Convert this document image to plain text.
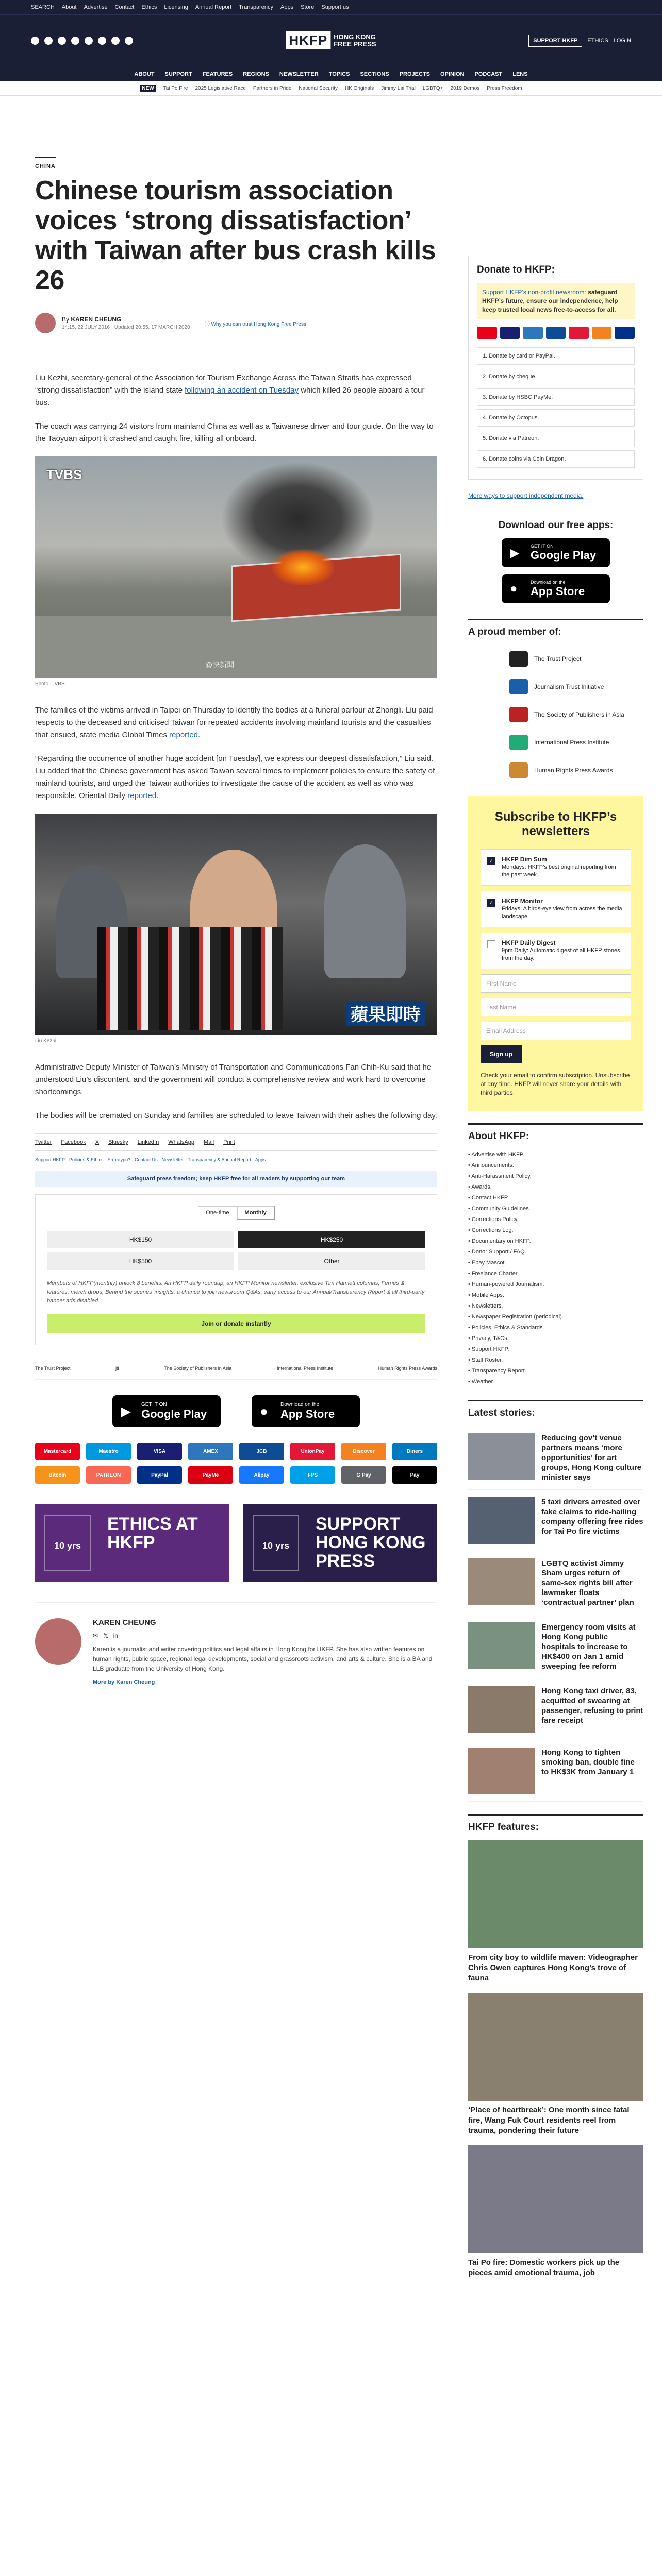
SEARCH About Advertise Contact Ethics Licensing Annual Report Transparency Apps Store Support us
HKFP HONG KONG
FREE PRESS	SUPPORT HKFP	ETHICS LOGIN
ABOUT SUPPORT FEATURES REGIONS NEWSLETTER TOPICS SECTIONS PROJECTS OPINION PODCAST LENS
NEW	Tai Po Fire 2025 Legislative Race Partners in Pride National Security HK Originals Jimmy Lai Trial LGBTQ+ 2019 Demos Press Freedom
CHINA
Chinese tourism association voices ‘strong dissatisfaction’ with Taiwan after bus crash kills 26
By KAREN CHEUNG
14:15, 22 JULY 2016 · Updated 20:55, 17 MARCH 2020
ⓘ Why you can trust Hong Kong Free Press

Liu Kezhi, secretary-general of the Association for Tourism Exchange Across the Taiwan Straits has expressed “strong dissatisfaction” with the island state following an accident on Tuesday which killed 26 people aboard a tour bus.

The coach was carrying 24 visitors from mainland China as well as a Taiwanese driver and tour guide. On the way to the Taoyuan airport it crashed and caught fire, killing all onboard.

TVBS
@快新聞
Photo: TVBS.

The families of the victims arrived in Taipei on Thursday to identify the bodies at a funeral parlour at Zhongli. Liu paid respects to the deceased and criticised Taiwan for repeated accidents involving mainland tourists and the casualties that ensued, state media Global Times reported.

“Regarding the occurrence of another huge accident [on Tuesday], we express our deepest dissatisfaction,” Liu said. Liu added that the Chinese government has asked Taiwan several times to implement policies to ensure the safety of mainland tourists, and urged the Taiwan authorities to investigate the cause of the accident as well as who was responsible. Oriental Daily reported.

蘋果即時
Liu Kezhi.

Administrative Deputy Minister of Taiwan’s Ministry of Transportation and Communications Fan Chih-Ku said that he understood Liu’s discontent, and the government will conduct a comprehensive review and work hard to overcome shortcomings.

The bodies will be cremated on Sunday and families are scheduled to leave Taiwan with their ashes the following day.

Twitter Facebook X Bluesky LinkedIn WhatsApp Mail Print
Support HKFP Policies & Ethics Error/typo? Contact Us Newsletter Transparency & Annual Report Apps
Safeguard press freedom; keep HKFP free for all readers by supporting our team
One-time	Monthly
HK$150	HK$250
HK$500	Other

Members of HKFP(monthly) unlock 8 benefits: An HKFP daily roundup, an HKFP Monitor newsletter, exclusive Tim Hamlett columns, Ferries & features, merch drops, Behind the scenes’ insights, a chance to join newsroom Q&As, early access to our Annual/Transparency Report & all third-party banner ads disabled.

Join or donate instantly
The Trust Project	jti	The Society of Publishers in Asia	International Press Institute	Human Rights Press Awards
▶ GET IT ON
Google Play	● Download on the
App Store
Mastercard	Maestro	VISA	AMEX	JCB	UnionPay	Discover	Diners
Bitcoin	PATREON	PayPal	PayMe	Alipay	FPS	G Pay	Pay
10 yrs
ETHICS AT HKFP	10 yrs
SUPPORT HONG KONG PRESS
KAREN CHEUNG
✉ 𝕏 in

Karen is a journalist and writer covering politics and legal affairs in Hong Kong for HKFP. She has also written features on human rights, public space, regional legal developments, social and grassroots activism, and arts & culture. She is a BA and LLB graduate from the University of Hong Kong.

More by Karen Cheung
Donate to HKFP:
Support HKFP’s non-profit newsroom: safeguard HKFP’s future, ensure our independence, help keep trusted local news free-to-access for all.
1. Donate by card or PayPal.
2. Donate by cheque.
3. Donate by HSBC PayMe.
4. Donate by Octopus.
5. Donate via Patreon.
6. Donate coins via Coin Dragon.
More ways to support independent media.
Download our free apps:
▶ GET IT ON
Google Play
●	Download on the
App Store
A proud member of:
The Trust Project
Journalism Trust Initiative
The Society of Publishers in Asia
International Press Institute
Human Rights Press Awards
Subscribe to HKFP’s newsletters
✓ HKFP Dim Sum
Mondays: HKFP’s best original reporting from the past week.
✓ HKFP Monitor
Fridays: A birds-eye view from across the media landscape.
HKFP Daily Digest
9pm Daily: Automatic digest of all HKFP stories from the day.
First Name
Last Name
Email Address
Sign up

Check your email to confirm subscription. Unsubscribe at any time. HKFP will never share your details with third parties.

About HKFP:
• Advertise with HKFP.
• Announcements.
• Anti-Harassment Policy.
• Awards.
• Contact HKFP.
• Community Guidelines.
• Corrections Policy.
• Corrections Log.
• Documentary on HKFP.
• Donor Support / FAQ.
• Ebay Mascot.
• Freelance Charter.
• Human-powered Journalism.
• Mobile Apps.
• Newsletters.
• Newspaper Registration (periodical).
• Policies, Ethics & Standards.
• Privacy, T&Cs.
• Support HKFP.
• Staff Roster.
• Transparency Report.
• Weather.
Latest stories:
Reducing gov’t venue partners means ‘more opportunities’ for art groups, Hong Kong culture minister says
5 taxi drivers arrested over fake claims to ride-hailing company offering free rides for Tai Po fire victims
LGBTQ activist Jimmy Sham urges return of same-sex rights bill after lawmaker floats ‘contractual partner’ plan
Emergency room visits at Hong Kong public hospitals to increase to HK$400 on Jan 1 amid sweeping fee reform
Hong Kong taxi driver, 83, acquitted of swearing at passenger, refusing to print fare receipt
Hong Kong to tighten smoking ban, double fine to HK$3K from January 1
HKFP features:
From city boy to wildlife maven: Videographer Chris Owen captures Hong Kong’s trove of fauna
‘Place of heartbreak’: One month since fatal fire, Wang Fuk Court residents reel from trauma, pondering their future
Tai Po fire: Domestic workers pick up the pieces amid emotional trauma, job
